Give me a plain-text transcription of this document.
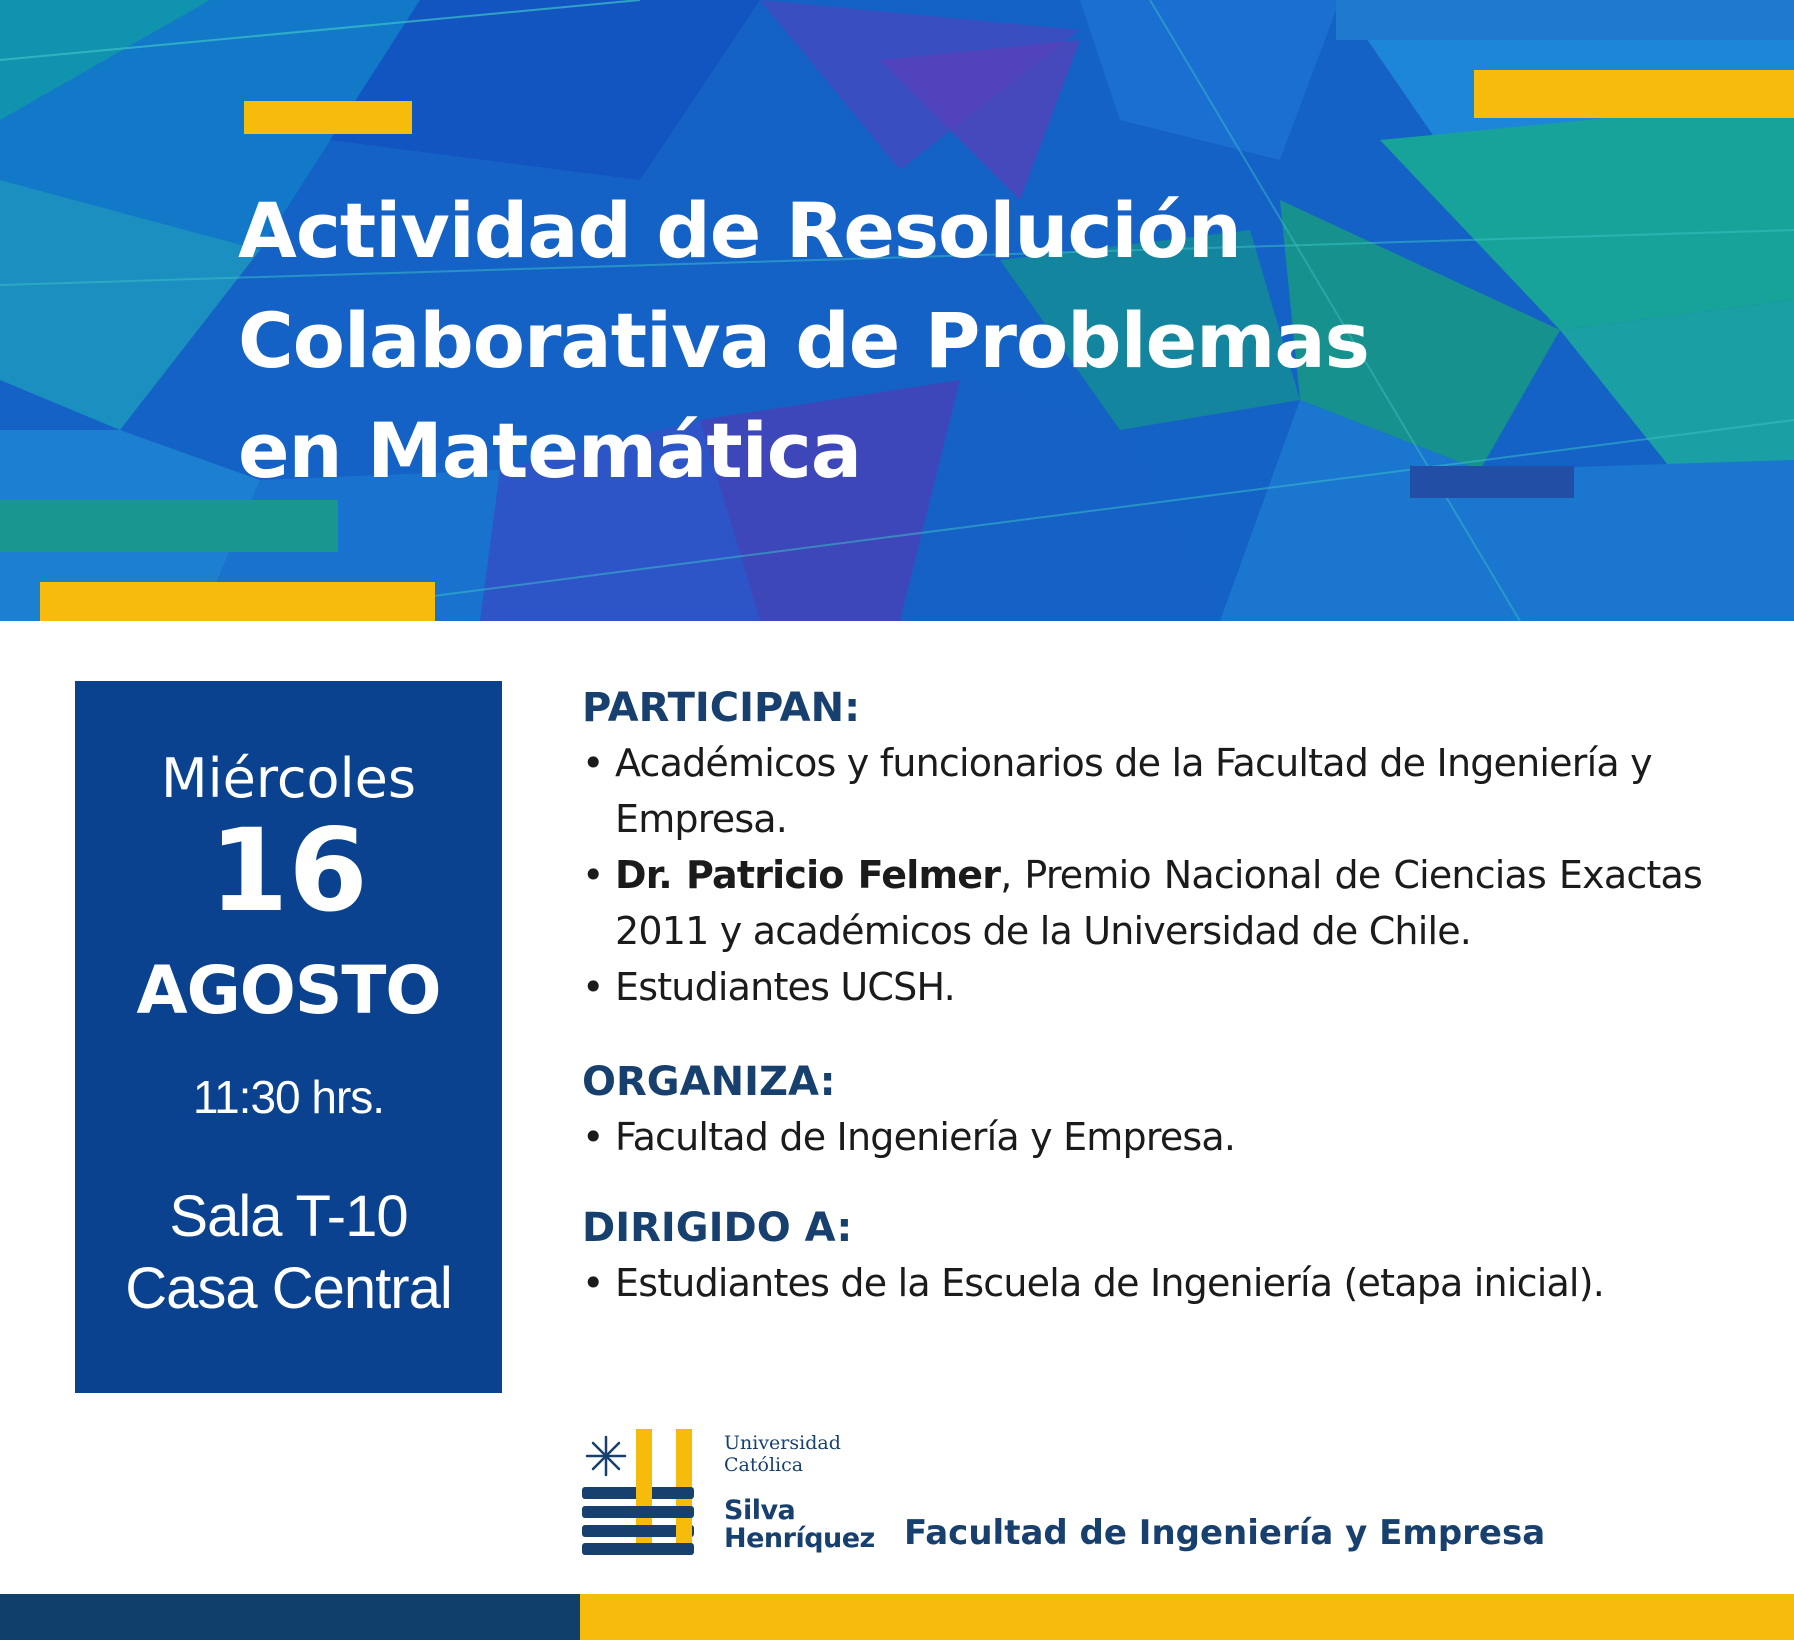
Actividad de Resolución
Colaborativa de Problemas
en Matemática
Miércoles
16
AGOSTO
11:30 hrs.
Sala T-10
Casa Central
PARTICIPAN:
• Académicos y funcionarios de la Facultad de Ingeniería y Empresa.
• Dr. Patricio Felmer, Premio Nacional de Ciencias Exactas 2011 y académicos de la Universidad de Chile.
• Estudiantes UCSH.
ORGANIZA:
• Facultad de Ingeniería y Empresa.
DIRIGIDO A:
• Estudiantes de la Escuela de Ingeniería (etapa inicial).
Universidad
Católica
Silva
Henríquez Facultad de Ingeniería y Empresa
